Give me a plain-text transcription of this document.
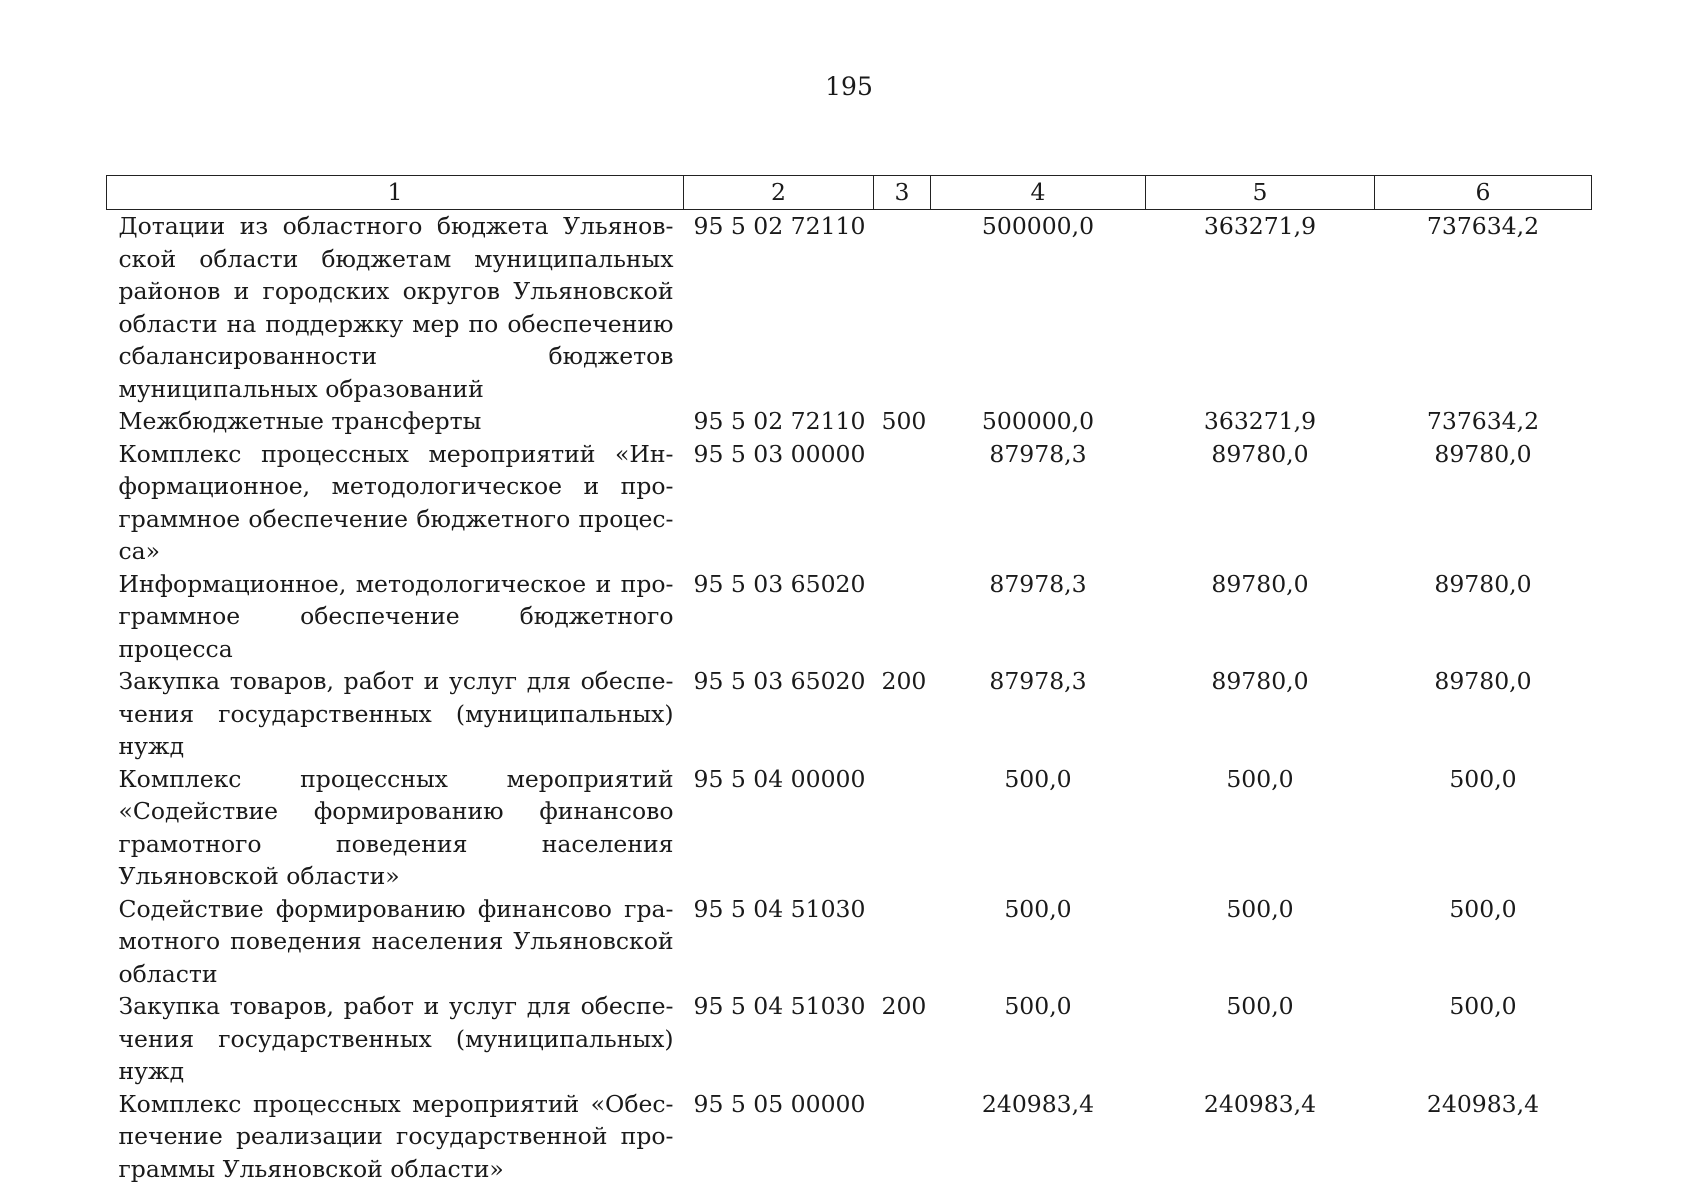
195
1	2	3	4	5	6
Дотации из областного бюджета Ульяновской области бюджетам муниципальных районов и городских округов Ульяновской области на поддержку мер по обеспечению сбалансированности бюджетов муниципальных образований	95 5 02 72110		500000,0	363271,9	737634,2
Межбюджетные трансферты	95 5 02 72110	500	500000,0	363271,9	737634,2
Комплекс процессных мероприятий «Информационное, методологическое и программное обеспечение бюджетного процесса»	95 5 03 00000		87978,3	89780,0	89780,0
Информационное, методологическое и программное обеспечение бюджетного процесса	95 5 03 65020		87978,3	89780,0	89780,0
Закупка товаров, работ и услуг для обеспечения государственных (муниципальных) нужд	95 5 03 65020	200	87978,3	89780,0	89780,0
Комплекс процессных мероприятий «Содействие формированию финансово грамотного поведения населения Ульяновской области»	95 5 04 00000		500,0	500,0	500,0
Содействие формированию финансово грамотного поведения населения Ульяновской области	95 5 04 51030		500,0	500,0	500,0
Закупка товаров, работ и услуг для обеспечения государственных (муниципальных) нужд	95 5 04 51030	200	500,0	500,0	500,0
Комплекс процессных мероприятий «Обеспечение реализации государственной программы Ульяновской области»	95 5 05 00000		240983,4	240983,4	240983,4
